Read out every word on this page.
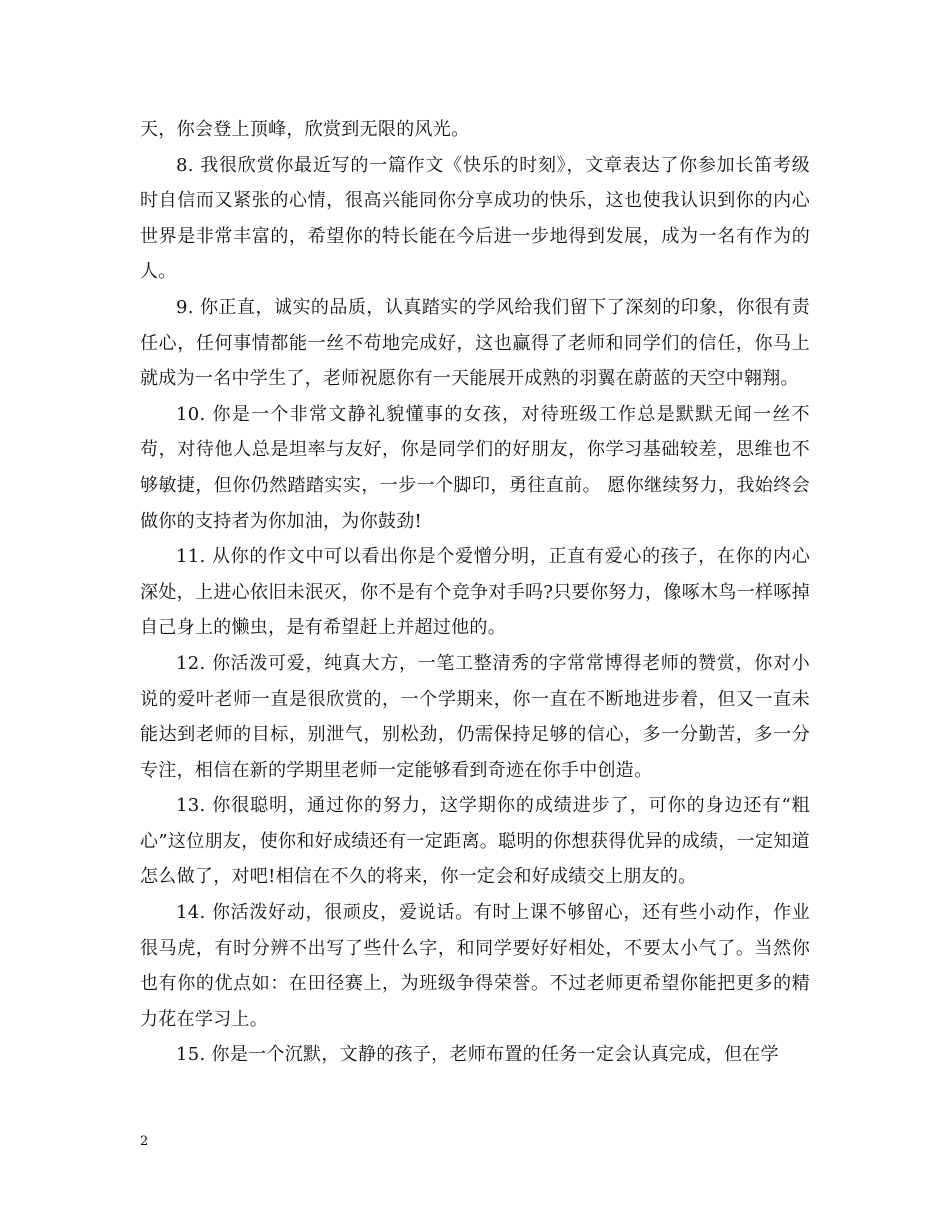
天，你会登上顶峰，欣赏到无限的风光。

8. 我很欣赏你最近写的一篇作文《快乐的时刻》，文章表达了你参加长笛考级时自信而又紧张的心情，很高兴能同你分享成功的快乐，这也使我认识到你的内心世界是非常丰富的，希望你的特长能在今后进一步地得到发展，成为一名有作为的人。

9. 你正直，诚实的品质，认真踏实的学风给我们留下了深刻的印象，你很有责任心，任何事情都能一丝不苟地完成好，这也赢得了老师和同学们的信任，你马上就成为一名中学生了，老师祝愿你有一天能展开成熟的羽翼在蔚蓝的天空中翱翔。

10. 你是一个非常文静礼貌懂事的女孩，对待班级工作总是默默无闻一丝不苟，对待他人总是坦率与友好，你是同学们的好朋友，你学习基础较差，思维也不够敏捷，但你仍然踏踏实实，一步一个脚印，勇往直前。 愿你继续努力，我始终会做你的支持者为你加油，为你鼓劲!

11. 从你的作文中可以看出你是个爱憎分明，正直有爱心的孩子，在你的内心深处，上进心依旧未泯灭，你不是有个竞争对手吗?只要你努力，像啄木鸟一样啄掉自己身上的懒虫，是有希望赶上并超过他的。

12. 你活泼可爱，纯真大方，一笔工整清秀的字常常博得老师的赞赏，你对小说的爱叶老师一直是很欣赏的，一个学期来，你一直在不断地进步着，但又一直未能达到老师的目标，别泄气，别松劲，仍需保持足够的信心，多一分勤苦，多一分专注，相信在新的学期里老师一定能够看到奇迹在你手中创造。

13. 你很聪明，通过你的努力，这学期你的成绩进步了，可你的身边还有“粗心”这位朋友，使你和好成绩还有一定距离。聪明的你想获得优异的成绩，一定知道怎么做了，对吧!相信在不久的将来，你一定会和好成绩交上朋友的。

14. 你活泼好动，很顽皮，爱说话。有时上课不够留心，还有些小动作，作业很马虎，有时分辨不出写了些什么字，和同学要好好相处，不要太小气了。当然你也有你的优点如：在田径赛上，为班级争得荣誉。不过老师更希望你能把更多的精力花在学习上。

15. 你是一个沉默，文静的孩子，老师布置的任务一定会认真完成，但在学

2
